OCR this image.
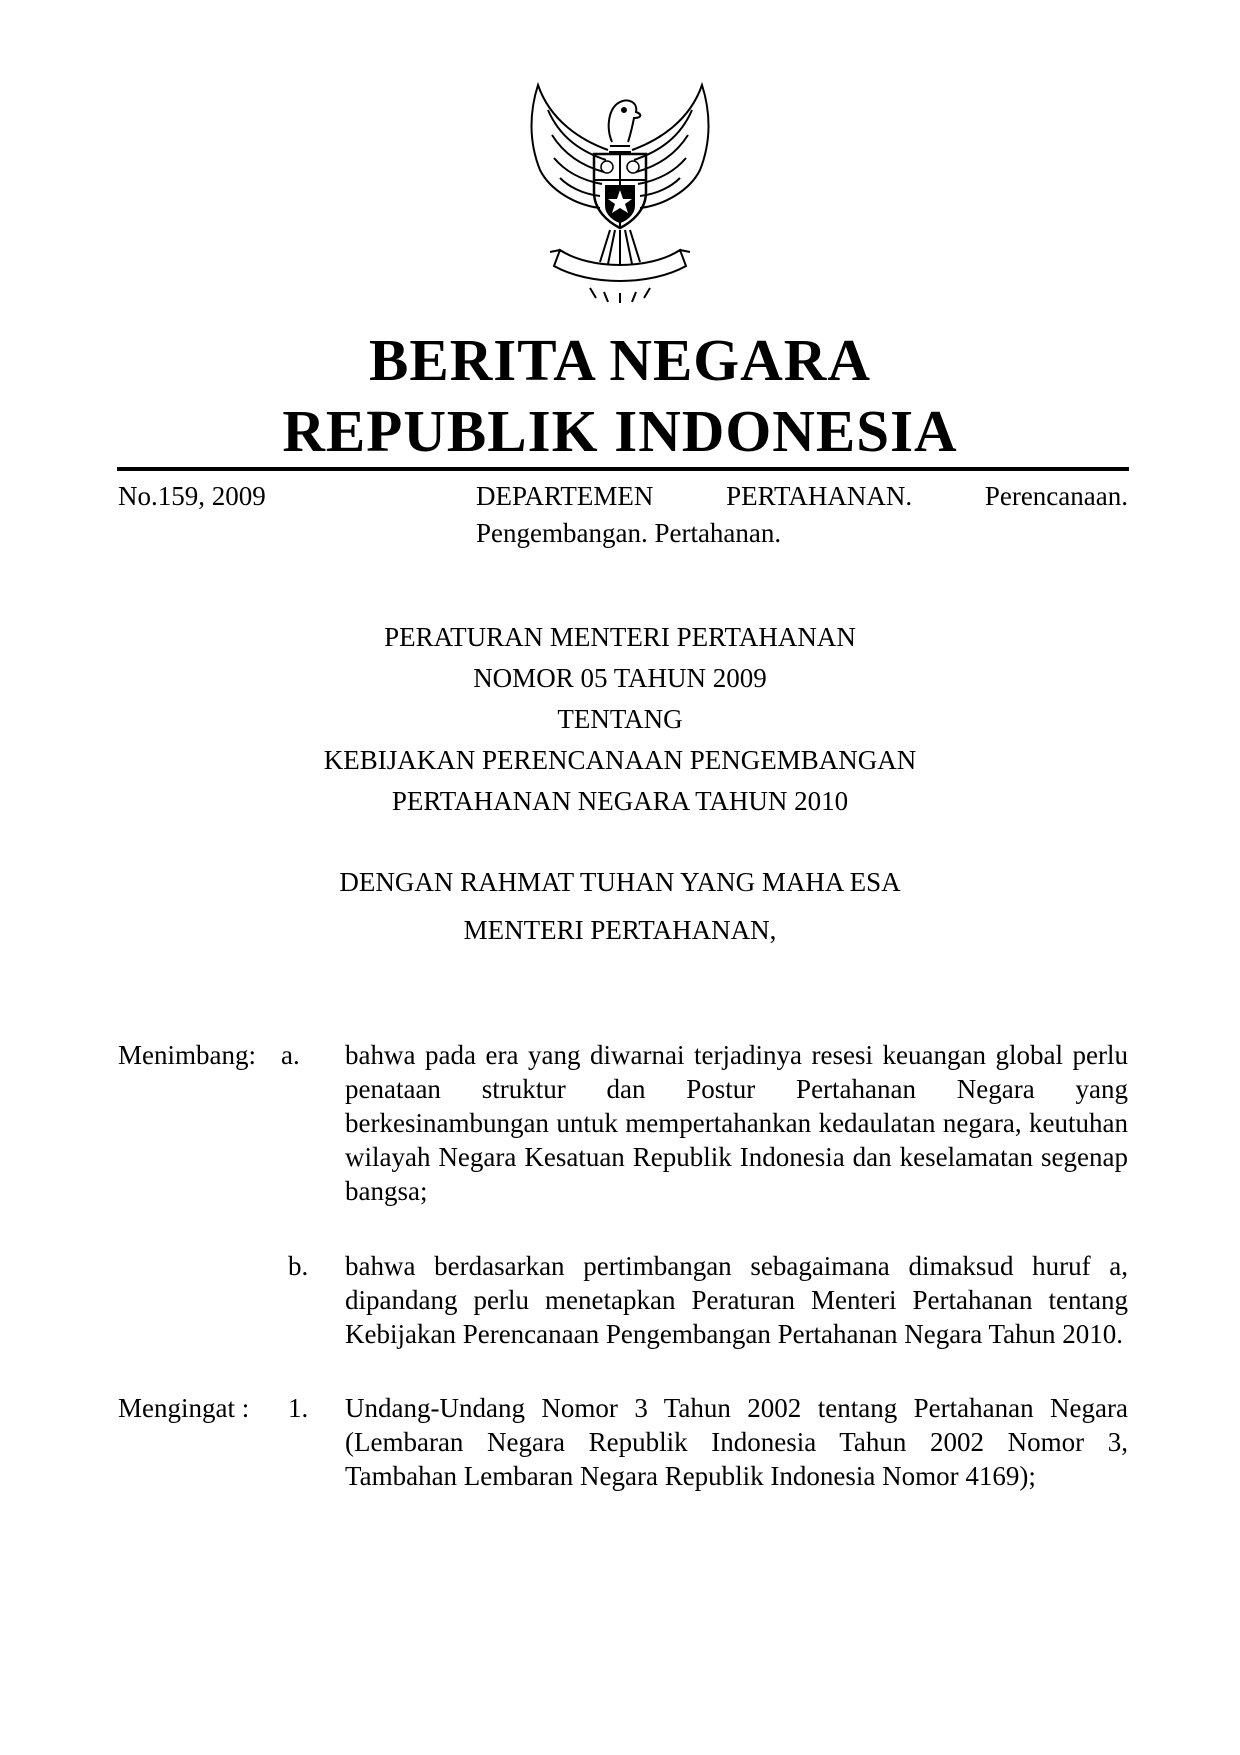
BERITA NEGARA
REPUBLIK INDONESIA
No.159, 2009	DEPARTEMEN PERTAHANAN. Perencanaan.
Pengembangan. Pertahanan.
PERATURAN MENTERI PERTAHANAN
NOMOR 05 TAHUN 2009
TENTANG
KEBIJAKAN PERENCANAAN PENGEMBANGAN
PERTAHANAN NEGARA TAHUN 2010
DENGAN RAHMAT TUHAN YANG MAHA ESA
MENTERI PERTAHANAN,
Menimbang: a. bahwa pada era yang diwarnai terjadinya resesi keuangan global perlu penataan struktur dan Postur Pertahanan Negara yang berkesinambungan untuk mempertahankan kedaulatan negara, keutuhan wilayah Negara Kesatuan Republik Indonesia dan keselamatan segenap bangsa;
b. bahwa berdasarkan pertimbangan sebagaimana dimaksud huruf a, dipandang perlu menetapkan Peraturan Menteri Pertahanan tentang Kebijakan Perencanaan Pengembangan Pertahanan Negara Tahun 2010.
Mengingat : 1. Undang-Undang Nomor 3 Tahun 2002 tentang Pertahanan Negara (Lembaran Negara Republik Indonesia Tahun 2002 Nomor 3, Tambahan Lembaran Negara Republik Indonesia Nomor 4169);
